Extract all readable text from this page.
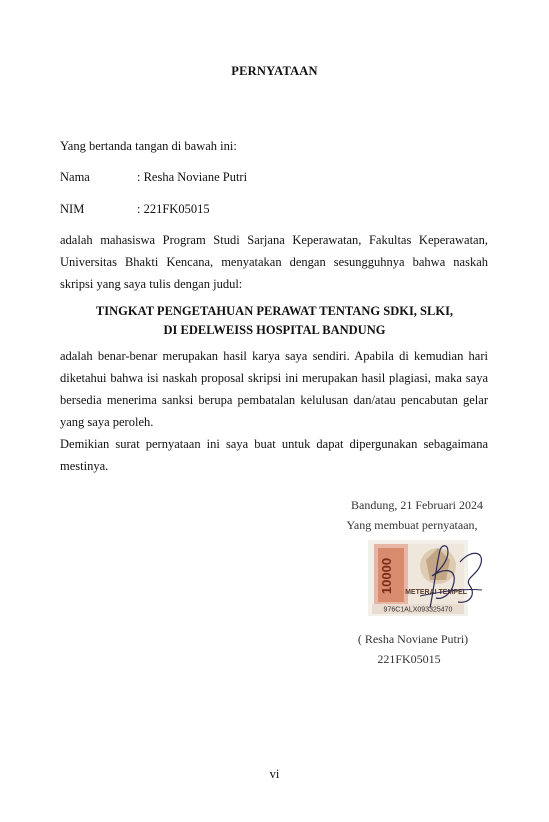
PERNYATAAN
Yang bertanda tangan di bawah ini:
Nama	: Resha Noviane Putri
NIM	: 221FK05015

adalah mahasiswa Program Studi Sarjana Keperawatan, Fakultas Keperawatan,
Universitas Bhakti Kencana, menyatakan dengan sesungguhnya bahwa naskah
skripsi yang saya tulis dengan judul:

TINGKAT PENGETAHUAN PERAWAT TENTANG SDKI, SLKI,
DI EDELWEISS HOSPITAL BANDUNG

adalah benar-benar merupakan hasil karya saya sendiri. Apabila di kemudian hari
diketahui bahwa isi naskah proposal skripsi ini merupakan hasil plagiasi, maka saya
bersedia menerima sanksi berupa pembatalan kelulusan dan/atau pencabutan gelar
yang saya peroleh.
Demikian surat pernyataan ini saya buat untuk dapat dipergunakan sebagaimana
mestinya.

Bandung, 21 Februari 2024
Yang membuat pernyataan,
10000 METERAI TEMPEL
976C1ALX093325470
( Resha Noviane Putri)
221FK05015
vi
